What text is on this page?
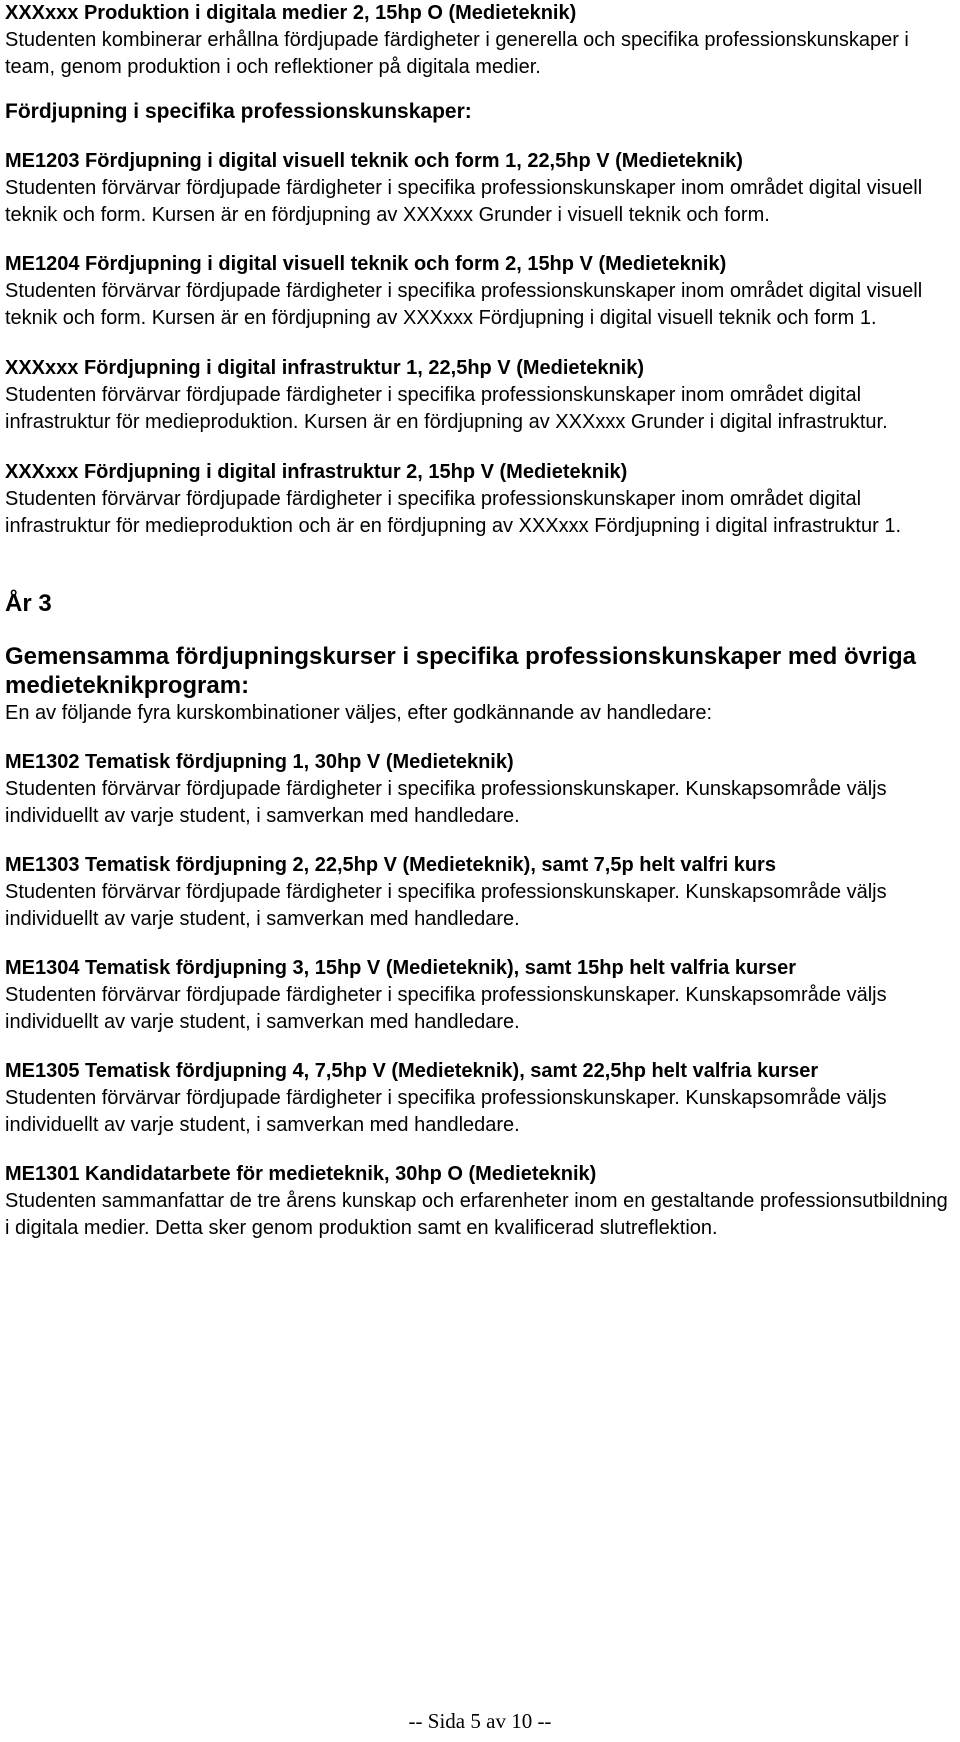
XXXxxx Produktion i digitala medier 2, 15hp O (Medieteknik)
Studenten kombinerar erhållna fördjupade färdigheter i generella och specifika professionskunskaper i team, genom produktion i och reflektioner på digitala medier.
Fördjupning i specifika professionskunskaper:
ME1203 Fördjupning i digital visuell teknik och form 1, 22,5hp V (Medieteknik)
Studenten förvärvar fördjupade färdigheter i specifika professionskunskaper inom området digital visuell teknik och form. Kursen är en fördjupning av XXXxxx Grunder i visuell teknik och form.
ME1204 Fördjupning i digital visuell teknik och form 2, 15hp V (Medieteknik)
Studenten förvärvar fördjupade färdigheter i specifika professionskunskaper inom området digital visuell teknik och form. Kursen är en fördjupning av XXXxxx Fördjupning i digital visuell teknik och form 1.
XXXxxx Fördjupning i digital infrastruktur 1, 22,5hp V (Medieteknik)
Studenten förvärvar fördjupade färdigheter i specifika professionskunskaper inom området digital infrastruktur för medieproduktion. Kursen är en fördjupning av XXXxxx Grunder i digital infrastruktur.
XXXxxx Fördjupning i digital infrastruktur 2, 15hp V (Medieteknik)
Studenten förvärvar fördjupade färdigheter i specifika professionskunskaper inom området digital infrastruktur för medieproduktion och är en fördjupning av XXXxxx Fördjupning i digital infrastruktur 1.
År 3
Gemensamma fördjupningskurser i specifika professionskunskaper med övriga medieteknikprogram:
En av följande fyra kurskombinationer väljes, efter godkännande av handledare:
ME1302 Tematisk fördjupning 1, 30hp V (Medieteknik)
Studenten förvärvar fördjupade färdigheter i specifika professionskunskaper. Kunskapsområde väljs individuellt av varje student, i samverkan med handledare.
ME1303 Tematisk fördjupning 2, 22,5hp V (Medieteknik), samt 7,5p helt valfri kurs
Studenten förvärvar fördjupade färdigheter i specifika professionskunskaper. Kunskapsområde väljs individuellt av varje student, i samverkan med handledare.
ME1304 Tematisk fördjupning 3, 15hp V (Medieteknik), samt 15hp helt valfria kurser
Studenten förvärvar fördjupade färdigheter i specifika professionskunskaper. Kunskapsområde väljs individuellt av varje student, i samverkan med handledare.
ME1305 Tematisk fördjupning 4, 7,5hp V (Medieteknik), samt 22,5hp helt valfria kurser
Studenten förvärvar fördjupade färdigheter i specifika professionskunskaper. Kunskapsområde väljs individuellt av varje student, i samverkan med handledare.
ME1301 Kandidatarbete för medieteknik, 30hp O (Medieteknik)
Studenten sammanfattar de tre årens kunskap och erfarenheter inom en gestaltande professionsutbildning i digitala medier. Detta sker genom produktion samt en kvalificerad slutreflektion.
-- Sida 5 av 10 --
